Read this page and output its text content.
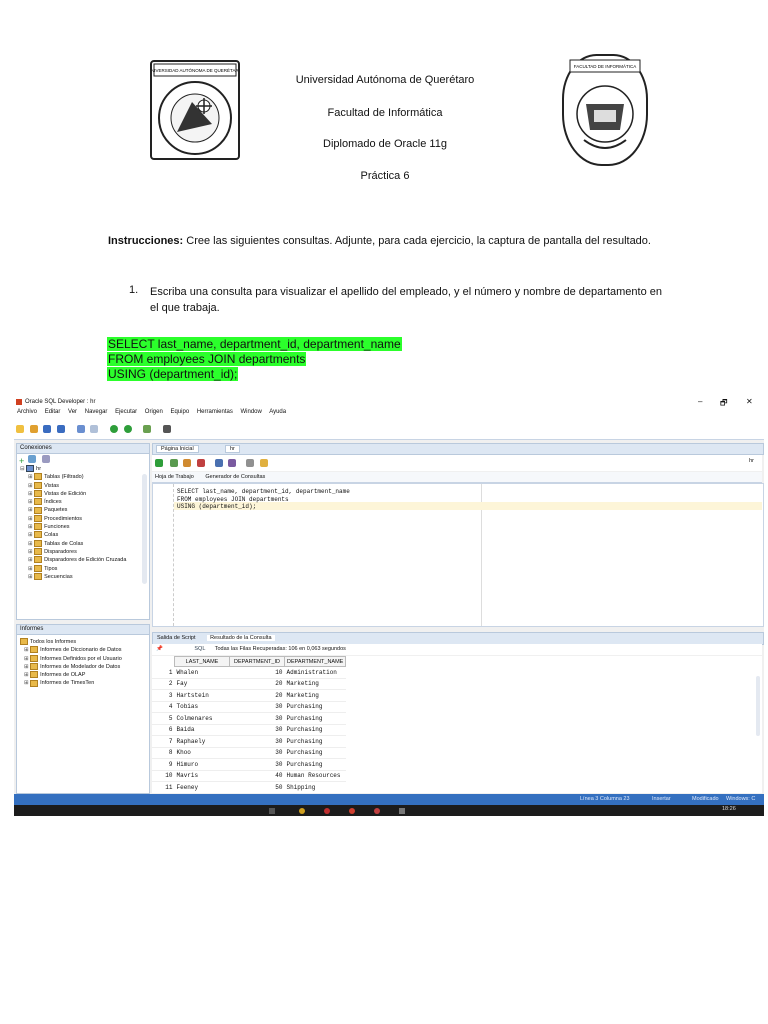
UNIVERSIDAD AUTÓNOMA DE QUERÉTARO
Universidad Autónoma de Querétaro
Facultad de Informática
Diplomado de Oracle 11g
Práctica 6
FACULTAD DE INFORMÁTICA
Instrucciones: Cree las siguientes consultas. Adjunte, para cada ejercicio, la captura de pantalla del resultado.
1. Escriba una consulta para visualizar el apellido del empleado, y el número y nombre de departamento en el que trabaja.
SELECT last_name, department_id, department_name
FROM employees JOIN departments
USING (department_id);
Oracle SQL Developer : hr	– 🗗 ✕
Archivo Editar Ver Navegar Ejecutar Origen Equipo Herramientas Window Ayuda

Conexiones
+
⊟ hr
⊞ Tablas (Filtrado)
⊞ Vistas
⊞ Vistas de Edición
⊞ Índices
⊞ Paquetes
⊞ Procedimientos
⊞ Funciones
⊞ Colas
⊞ Tablas de Colas
⊞ Disparadores
⊞ Disparadores de Edición Cruzada
⊞ Tipos
⊞ Secuencias
Informes
Todos los Informes
⊞ Informes de Diccionario de Datos
⊞ Informes Definidos por el Usuario
⊞ Informes de Modelador de Datos
⊞ Informes de OLAP
⊞ Informes de TimesTen
Página Inicial	hr

hr
Hoja de Trabajo Generador de Consultas
SELECT last_name, department_id, department_name
FROM employees JOIN departments
USING (department_id);
Salida de Script	Resultado de la Consulta
📌	SQL Todas las Filas Recuperadas: 106 en 0,063 segundos
	LAST_NAME	DEPARTMENT_ID	DEPARTMENT_NAME
1	Whalen	10	Administration
2	Fay	20	Marketing
3	Hartstein	20	Marketing
4	Tobias	30	Purchasing
5	Colmenares	30	Purchasing
6	Baida	30	Purchasing
7	Raphaely	30	Purchasing
8	Khoo	30	Purchasing
9	Himuro	30	Purchasing
10	Mavris	40	Human Resources
11	Feeney	50	Shipping
Línea 3 Columna 23	Insertar	Modificado Windows: C
18:26
